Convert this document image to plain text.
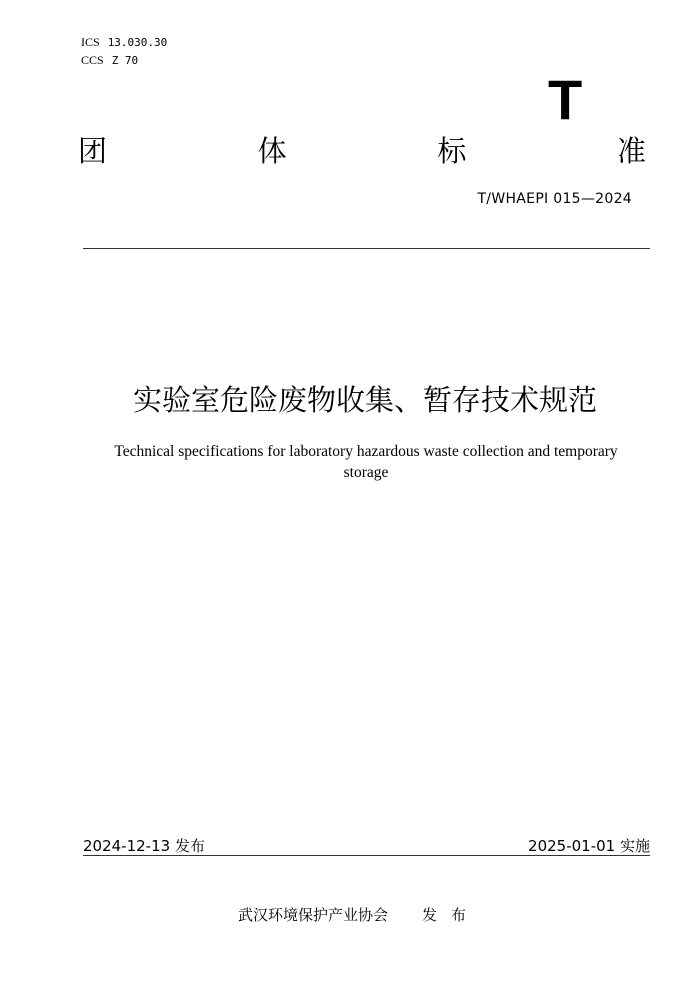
ICS 13.030.30
CCS Z 70
T
团	体	标	准
T/WHAEPI 015—2024
实验室危险废物收集、暂存技术规范
Technical specifications for laboratory hazardous waste collection and temporary storage
2024-12-13 发布	2025-01-01 实施
武汉环境保护产业协会 发布
